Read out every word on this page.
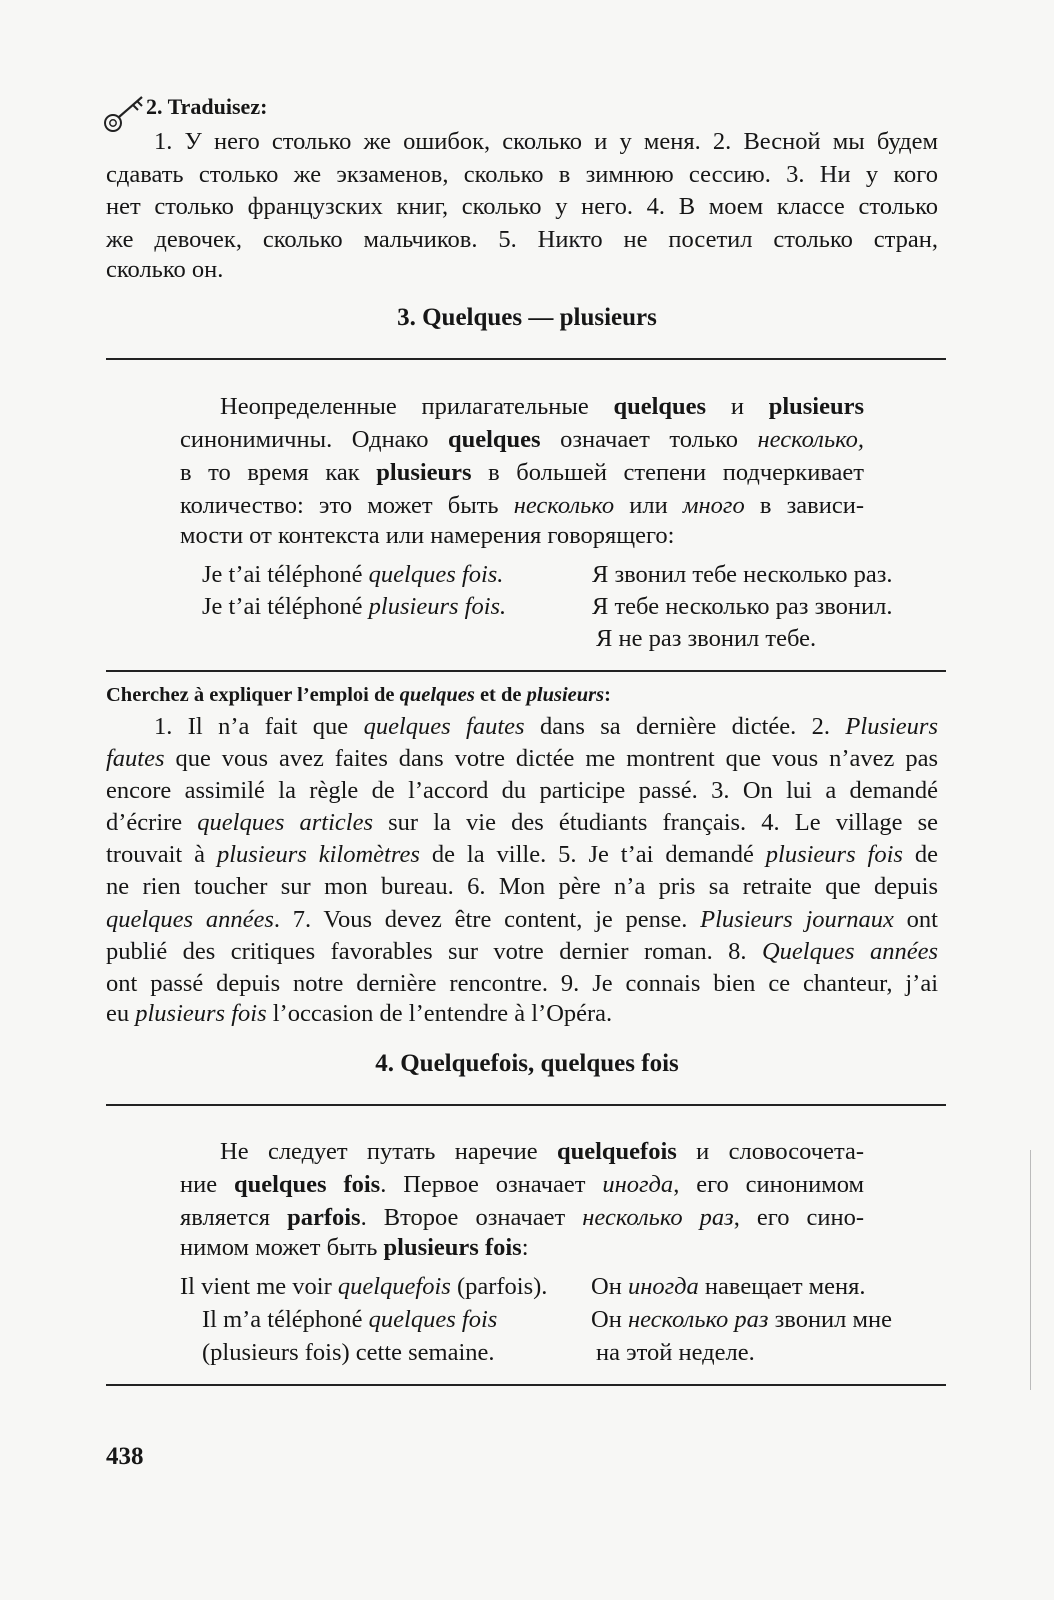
2. Traduisez:
1. У него столько же ошибок, сколько и у меня. 2. Весной мы будем
сдавать столько же экзаменов, сколько в зимнюю сессию. 3. Ни у кого
нет столько французских книг, сколько у него. 4. В моем классе столько
же девочек, сколько мальчиков. 5. Никто не посетил столько стран,
сколько он.
3. Quelques — plusieurs
Неопределенные прилагательные quelques и plusieurs
синонимичны. Однако quelques означает только несколько,
в то время как plusieurs в большей степени подчеркивает
количество: это может быть несколько или много в зависи-
мости от контекста или намерения говорящего:
Je t’ai téléphoné quelques fois.	Я звонил тебе несколько раз.
Je t’ai téléphoné plusieurs fois.	Я тебе несколько раз звонил.
Я не раз звонил тебе.
Cherchez à expliquer l’emploi de quelques et de plusieurs:
1. Il n’a fait que quelques fautes dans sa dernière dictée. 2. Plusieurs
fautes que vous avez faites dans votre dictée me montrent que vous n’avez pas
encore assimilé la règle de l’accord du participe passé. 3. On lui a demandé
d’écrire quelques articles sur la vie des étudiants français. 4. Le village se
trouvait à plusieurs kilomètres de la ville. 5. Je t’ai demandé plusieurs fois de
ne rien toucher sur mon bureau. 6. Mon père n’a pris sa retraite que depuis
quelques années. 7. Vous devez être content, je pense. Plusieurs journaux ont
publié des critiques favorables sur votre dernier roman. 8. Quelques années
ont passé depuis notre dernière rencontre. 9. Je connais bien ce chanteur, j’ai
eu plusieurs fois l’occasion de l’entendre à l’Opéra.
4. Quelquefois, quelques fois
Не следует путать наречие quelquefois и словосочета-
ние quelques fois. Первое означает иногда, его синонимом
является parfois. Второе означает несколько раз, его сино-
нимом может быть plusieurs fois:
Il vient me voir quelquefois (parfois). Он иногда навещает меня.
Il m’a téléphoné quelques fois	Он несколько раз звонил мне
(plusieurs fois) cette semaine.	на этой неделе.
438
